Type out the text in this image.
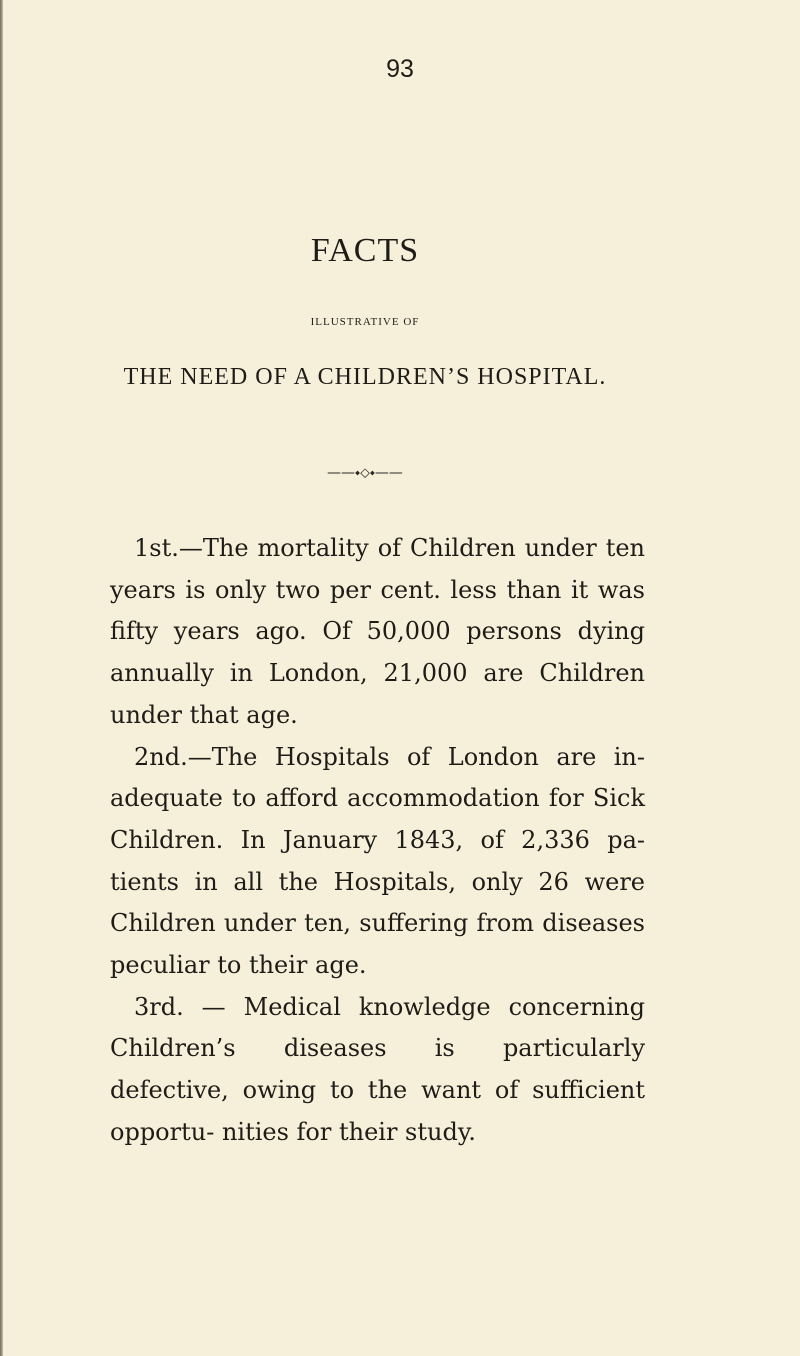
93
FACTS
ILLUSTRATIVE OF
THE NEED OF A CHILDREN’S HOSPITAL.
——⬩⬦⬩——

1st.—The mortality of Children under ten years is only two per cent. less than it was fifty years ago. Of 50,000 persons dying annually in London, 21,000 are Children under that age.

2nd.—The Hospitals of London are in- adequate to afford accommodation for Sick Children. In January 1843, of 2,336 pa- tients in all the Hospitals, only 26 were Children under ten, suffering from diseases peculiar to their age.

3rd. — Medical knowledge concerning Children’s diseases is particularly defective, owing to the want of sufficient opportu- nities for their study.
